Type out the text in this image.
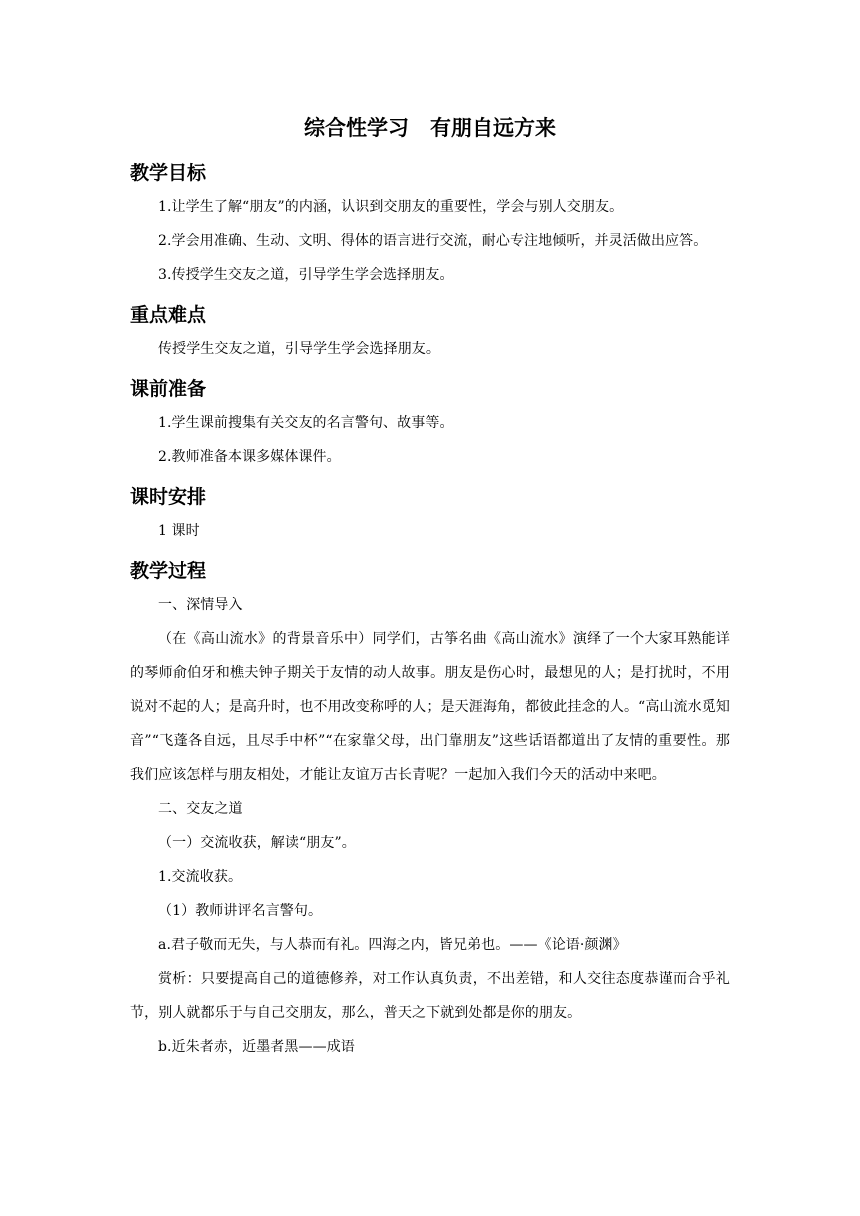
综合性学习　有朋自远方来
教学目标
1.让学生了解“朋友”的内涵，认识到交朋友的重要性，学会与别人交朋友。
2.学会用准确、生动、文明、得体的语言进行交流，耐心专注地倾听，并灵活做出应答。
3.传授学生交友之道，引导学生学会选择朋友。
重点难点
传授学生交友之道，引导学生学会选择朋友。
课前准备
1.学生课前搜集有关交友的名言警句、故事等。
2.教师准备本课多媒体课件。
课时安排
1 课时
教学过程
一、深情导入
（在《高山流水》的背景音乐中）同学们，古筝名曲《高山流水》演绎了一个大家耳熟能详的琴师俞伯牙和樵夫钟子期关于友情的动人故事。朋友是伤心时，最想见的人；是打扰时，不用说对不起的人；是高升时，也不用改变称呼的人；是天涯海角，都彼此挂念的人。“高山流水觅知音”“飞蓬各自远，且尽手中杯”“在家靠父母，出门靠朋友”这些话语都道出了友情的重要性。那我们应该怎样与朋友相处，才能让友谊万古长青呢？一起加入我们今天的活动中来吧。
二、交友之道
（一）交流收获，解读“朋友”。
1.交流收获。
（1）教师讲评名言警句。
a.君子敬而无失，与人恭而有礼。四海之内，皆兄弟也。——《论语·颜渊》
赏析：只要提高自己的道德修养，对工作认真负责，不出差错，和人交往态度恭谨而合乎礼节，别人就都乐于与自己交朋友，那么，普天之下就到处都是你的朋友。
b.近朱者赤，近墨者黑——成语
